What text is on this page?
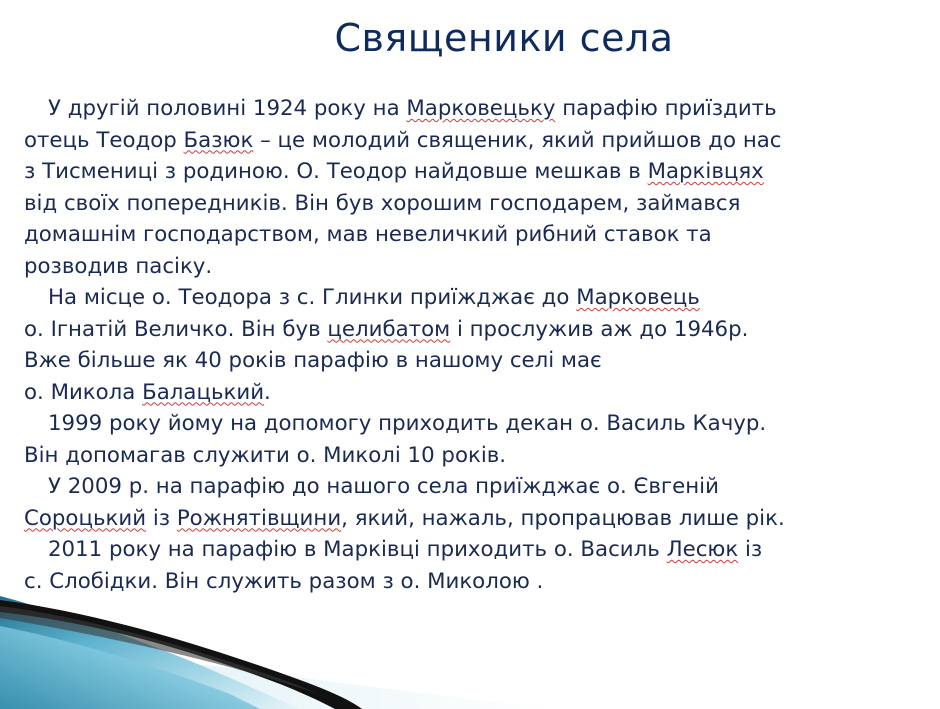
Священики села
У другій половині 1924 року на Марковецьку парафію приїздить
отець Теодор Базюк – це молодий священик, який прийшов до нас
з Тисмениці з родиною. О. Теодор найдовше мешкав в Марківцях
від своїх попередників. Він був хорошим господарем, займався
домашнім господарством, мав невеличкий рибний ставок та
розводив пасіку.
На місце о. Теодора з с. Глинки приїжджає до Марковець
о. Ігнатій Величко. Він був целибатом і прослужив аж до 1946р.
Вже більше як 40 років парафію в нашому селі має
о. Микола Балацький.
1999 року йому на допомогу приходить декан о. Василь Качур.
Він допомагав служити о. Миколі 10 років.
У 2009 р. на парафію до нашого села приїжджає о. Євгеній
Сороцький із Рожнятівщини, який, нажаль, пропрацював лише рік.
2011 року на парафію в Марківці приходить о. Василь Лесюк із
с. Слобідки. Він служить разом з о. Миколою .
